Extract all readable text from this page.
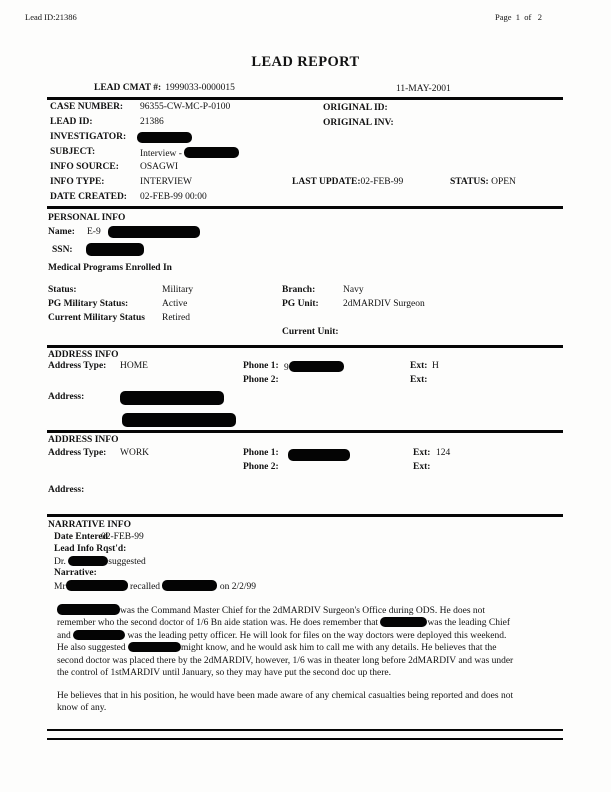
Lead ID:21386	Page  1  of   2
LEAD REPORT
LEAD CMAT #: 1999033-0000015	11-MAY-2001
CASE NUMBER: 96355-CW-MC-P-0100	ORIGINAL ID:
LEAD ID:	21386	ORIGINAL INV:
INVESTIGATOR:
SUBJECT:	Interview -
INFO SOURCE: OSAGWI
INFO TYPE:	INTERVIEW	LAST UPDATE:02-FEB-99	STATUS: OPEN
DATE CREATED: 02-FEB-99 00:00
PERSONAL INFO
Name: E-9
SSN:
Medical Programs Enrolled In
Status:	Military	Branch:	Navy
PG Military Status:	Active	PG Unit:	2dMARDIV Surgeon
Current Military Status Retired
Current Unit:
ADDRESS INFO
Address Type: HOME	Phone 1: 9	Ext: H
Phone 2:	Ext:
Address:
ADDRESS INFO
Address Type: WORK	Phone 1:	Ext: 124
Phone 2:	Ext:
Address:
NARRATIVE INFO
Date Entered
02-FEB-99
Lead Info Rqst'd:
Dr.	suggested
Narrative:
Mr	recalled	on 2/2/99
was the Command Master Chief for the 2dMARDIV Surgeon's Office during ODS. He does not
remember who the second doctor of 1/6 Bn aide station was. He does remember that	was the leading Chief
and	was the leading petty officer. He will look for files on the way doctors were deployed this weekend.
He also suggested	might know, and he would ask him to call me with any details. He believes that the
second doctor was placed there by the 2dMARDIV, however, 1/6 was in theater long before 2dMARDIV and was under
the control of 1stMARDIV until January, so they may have put the second doc up there.
He believes that in his position, he would have been made aware of any chemical casualties being reported and does not
know of any.
